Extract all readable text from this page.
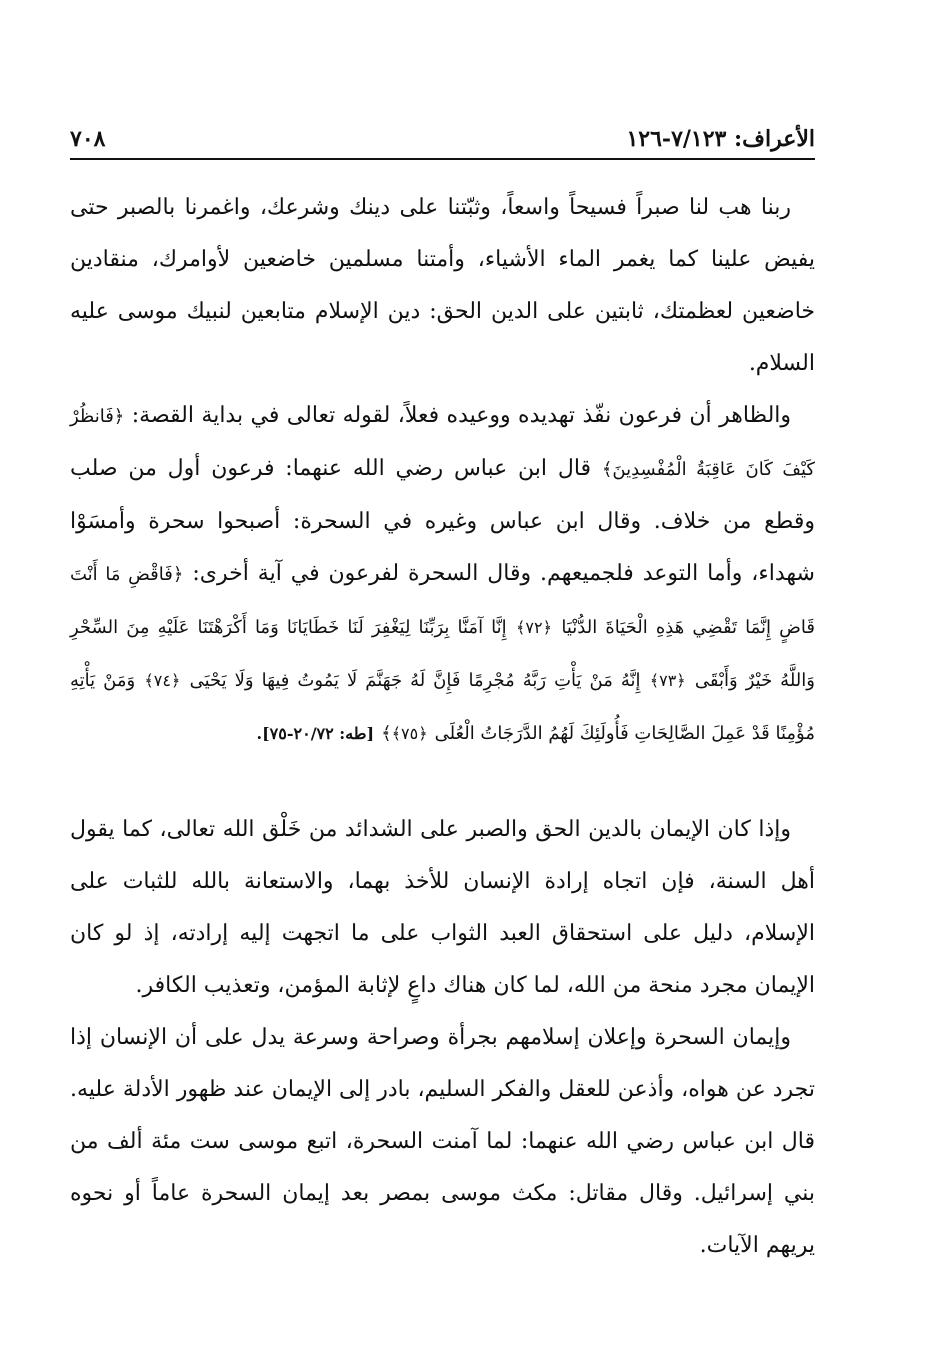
٧٠٨	الأعراف: ٧/١٢٣-١٢٦

ربنا هب لنا صبراً فسيحاً واسعاً، وثبّتنا على دينك وشرعك، واغمرنا بالصبر حتى يفيض علينا كما يغمر الماء الأشياء، وأمتنا مسلمين خاضعين لأوامرك، منقادين خاضعين لعظمتك، ثابتين على الدين الحق: دين الإسلام متابعين لنبيك موسى عليه السلام.

والظاهر أن فرعون نفّذ تهديده ووعيده فعلاً، لقوله تعالى في بداية القصة: ﴿فَانظُرْ كَيْفَ كَانَ عَاقِبَةُ الْمُفْسِدِينَ﴾ قال ابن عباس رضي الله عنهما: فرعون أول من صلب وقطع من خلاف. وقال ابن عباس وغيره في السحرة: أصبحوا سحرة وأمسَوْا شهداء، وأما التوعد فلجميعهم. وقال السحرة لفرعون في آية أخرى: ﴿فَاقْضِ مَا أَنْتَ قَاضٍ إِنَّمَا تَقْضِي هَذِهِ الْحَيَاةَ الدُّنْيَا ﴿٧٢﴾ إِنَّا آمَنَّا بِرَبِّنَا لِيَغْفِرَ لَنَا خَطَايَانَا وَمَا أَكْرَهْتَنَا عَلَيْهِ مِنَ السِّحْرِ وَاللَّهُ خَيْرٌ وَأَبْقَى ﴿٧٣﴾ إِنَّهُ مَنْ يَأْتِ رَبَّهُ مُجْرِمًا فَإِنَّ لَهُ جَهَنَّمَ لَا يَمُوتُ فِيهَا وَلَا يَحْيَى ﴿٧٤﴾ وَمَنْ يَأْتِهِ مُؤْمِنًا قَدْ عَمِلَ الصَّالِحَاتِ فَأُولَئِكَ لَهُمُ الدَّرَجَاتُ الْعُلَى ﴿٧٥﴾﴾ [طه: ٢٠/٧٢-٧٥].

وإذا كان الإيمان بالدين الحق والصبر على الشدائد من خَلْق الله تعالى، كما يقول أهل السنة، فإن اتجاه إرادة الإنسان للأخذ بهما، والاستعانة بالله للثبات على الإسلام، دليل على استحقاق العبد الثواب على ما اتجهت إليه إرادته، إذ لو كان الإيمان مجرد منحة من الله، لما كان هناك داعٍ لإثابة المؤمن، وتعذيب الكافر.

وإيمان السحرة وإعلان إسلامهم بجرأة وصراحة وسرعة يدل على أن الإنسان إذا تجرد عن هواه، وأذعن للعقل والفكر السليم، بادر إلى الإيمان عند ظهور الأدلة عليه. قال ابن عباس رضي الله عنهما: لما آمنت السحرة، اتبع موسى ست مئة ألف من بني إسرائيل. وقال مقاتل: مكث موسى بمصر بعد إيمان السحرة عاماً أو نحوه يريهم الآيات.
